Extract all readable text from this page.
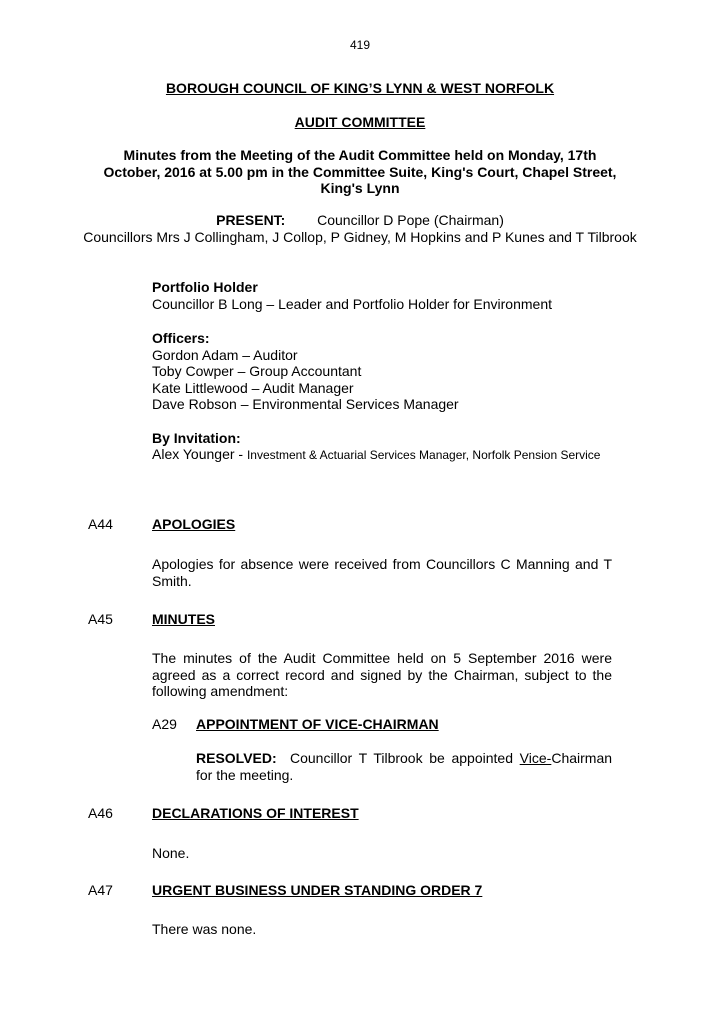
419
BOROUGH COUNCIL OF KING’S LYNN & WEST NORFOLK
AUDIT COMMITTEE
Minutes from the Meeting of the Audit Committee held on Monday, 17th October, 2016 at 5.00 pm in the Committee Suite, King's Court, Chapel Street, King's Lynn
PRESENT: Councillor D Pope (Chairman)
Councillors Mrs J Collingham, J Collop, P Gidney, M Hopkins and P Kunes and T Tilbrook
Portfolio Holder
Councillor B Long – Leader and Portfolio Holder for Environment
Officers:
Gordon Adam – Auditor
Toby Cowper – Group Accountant
Kate Littlewood – Audit Manager
Dave Robson – Environmental Services Manager
By Invitation:
Alex Younger - Investment & Actuarial Services Manager, Norfolk Pension Service
A44	APOLOGIES
Apologies for absence were received from Councillors C Manning and T Smith.
A45	MINUTES
The minutes of the Audit Committee held on 5 September 2016 were agreed as a correct record and signed by the Chairman, subject to the following amendment:
A29 APPOINTMENT OF VICE-CHAIRMAN
RESOLVED: Councillor T Tilbrook be appointed Vice-Chairman for the meeting.
A46	DECLARATIONS OF INTEREST
None.
A47	URGENT BUSINESS UNDER STANDING ORDER 7
There was none.
